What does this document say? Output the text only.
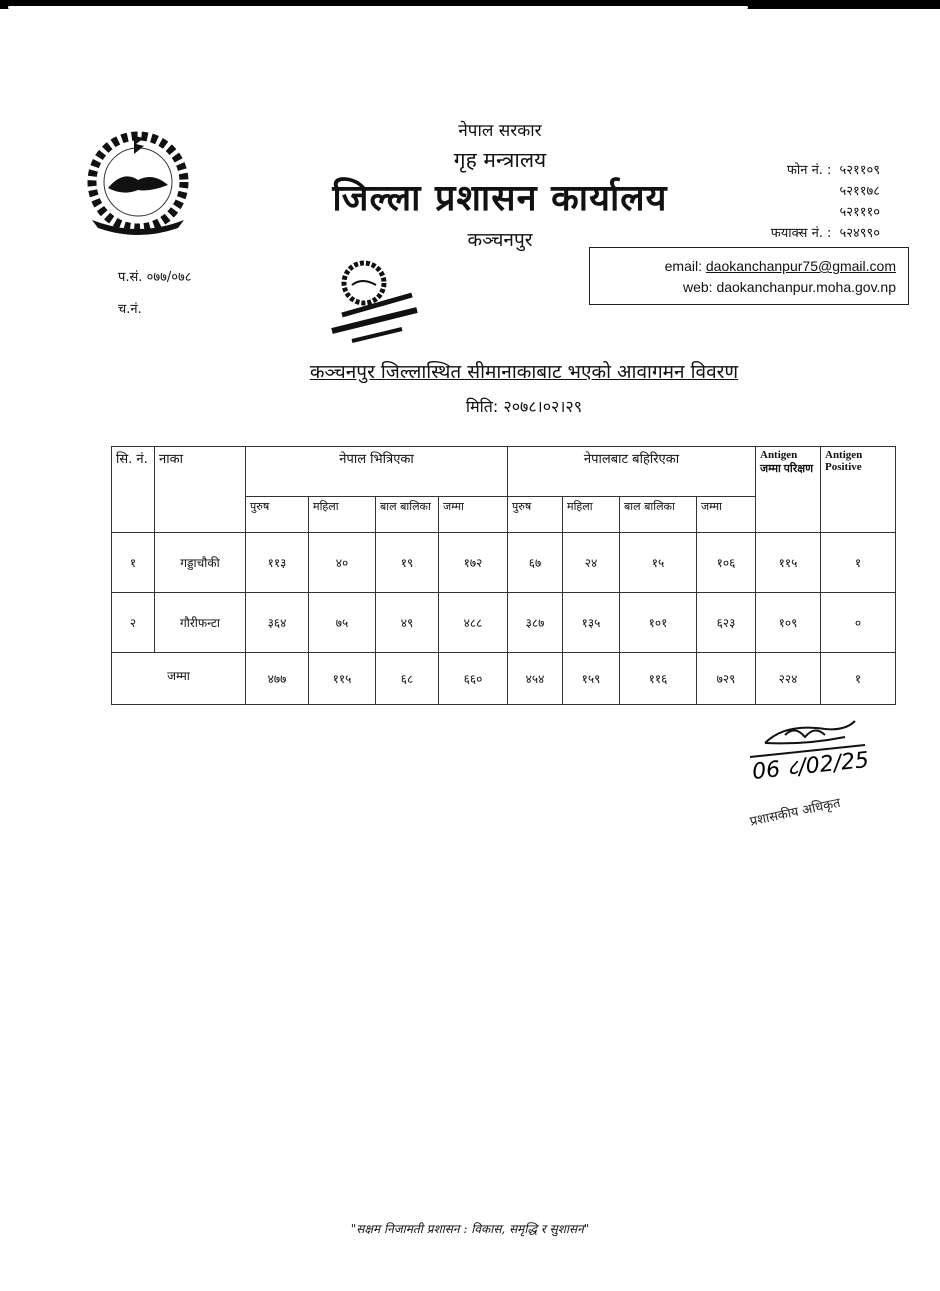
नेपाल सरकार
गृह मन्त्रालय
जिल्ला प्रशासन कार्यालय
कञ्चनपुर
फोन नं. : ५२११०९
५२११७८
५२१११०
फयाक्स नं. : ५२४९९०
email: daokanchanpur75@gmail.com
web: daokanchanpur.moha.gov.np
प.सं. ०७७/०७८
च.नं.
कञ्चनपुर जिल्लास्थित सीमानाकाबाट भएको आवागमन विवरण
मिति: २०७८।०२।२९
सि. नं.	नाका	नेपाल भित्रिएका				नेपालबाट बहिरिएका				Antigen जम्मा परिक्षण	Antigen Positive

		पुरुष	महिला	बाल बालिका	जम्मा	पुरुष	महिला	बाल बालिका	जम्मा		

१	गड्डाचौकी	११३	४०	१९	१७२	६७	२४	१५	१०६	११५	१
२	गौरीफन्टा	३६४	७५	४९	४८८	३८७	१३५	१०१	६२३	१०९	०
जम्मा		४७७	११५	६८	६६०	४५४	१५९	११६	७२९	२२४	१
06 ८/02/25
प्रशासकीय अधिकृत
"सक्षम निजामती प्रशासन : विकास, समृद्धि र सुशासन"
